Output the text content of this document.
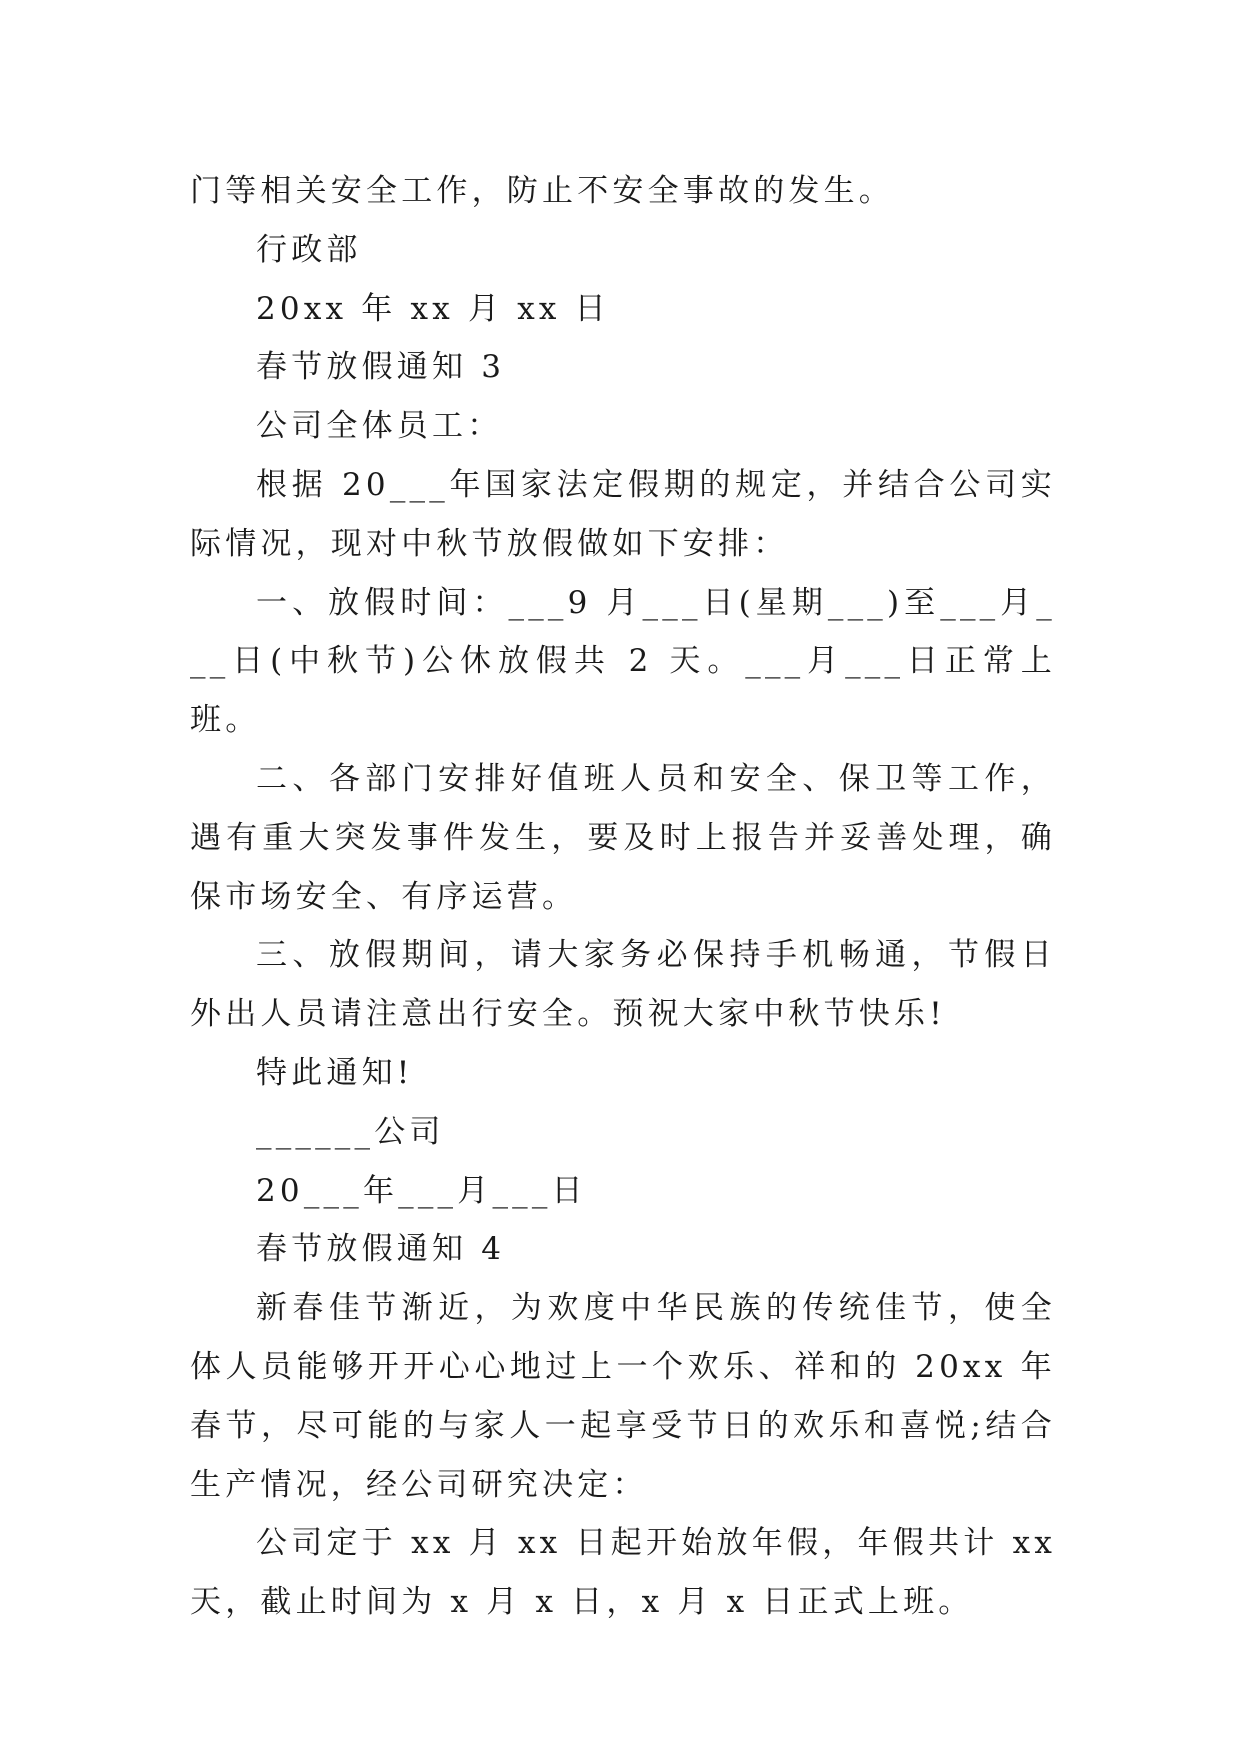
门等相关安全工作，防止不安全事故的发生。

行政部

20xx 年 xx 月 xx 日

春节放假通知 3

公司全体员工：

根据 20___年国家法定假期的规定，并结合公司实际情况，现对中秋节放假做如下安排：

一、放假时间：___9 月___日(星期___)至___月___日(中秋节)公休放假共 2 天。___月___日正常上班。

二、各部门安排好值班人员和安全、保卫等工作，遇有重大突发事件发生，要及时上报告并妥善处理，确保市场安全、有序运营。

三、放假期间，请大家务必保持手机畅通，节假日外出人员请注意出行安全。预祝大家中秋节快乐!

特此通知!

______公司

20___年___月___日

春节放假通知 4

新春佳节渐近，为欢度中华民族的传统佳节，使全体人员能够开开心心地过上一个欢乐、祥和的 20xx 年春节，尽可能的与家人一起享受节日的欢乐和喜悦;结合生产情况，经公司研究决定：

公司定于 xx 月 xx 日起开始放年假，年假共计 xx 天，截止时间为 x 月 x 日，x 月 x 日正式上班。
